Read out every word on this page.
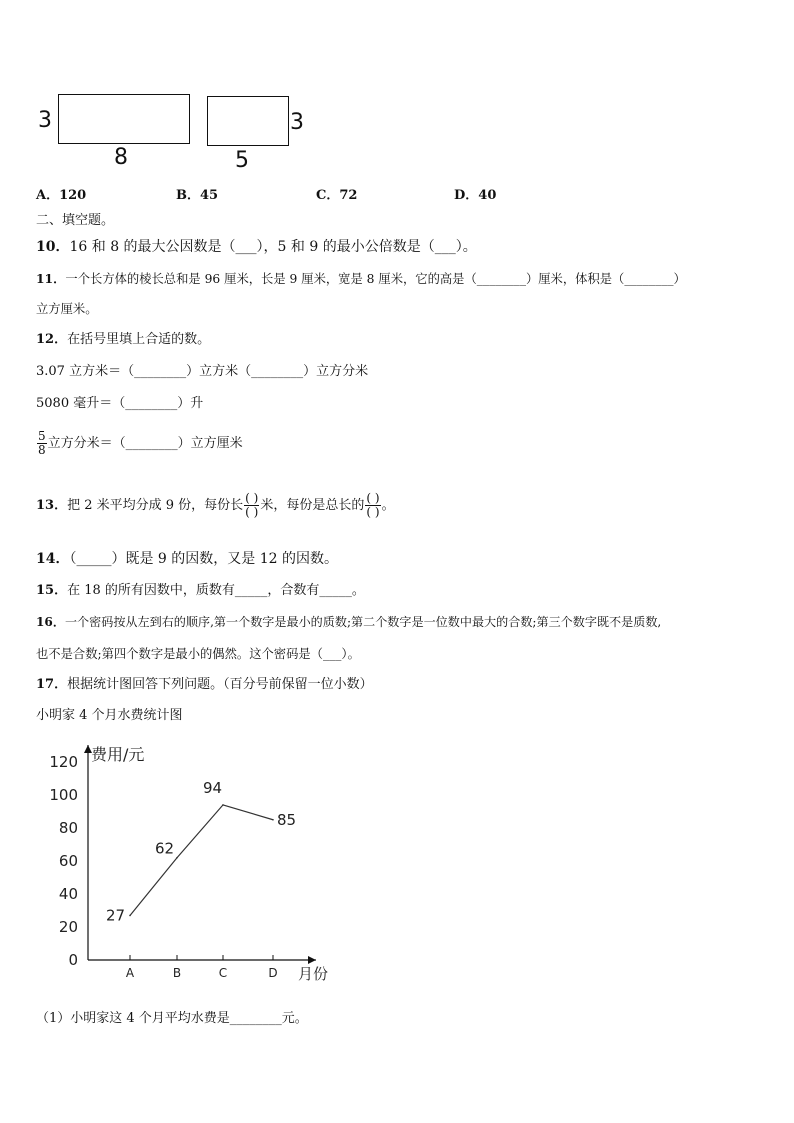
3
8
3
5
A．120	B．45	C．72	D．40
二、填空题。
10．16 和 8 的最大公因数是（___），5 和 9 的最小公倍数是（___）。
11．一个长方体的棱长总和是 96 厘米，长是 9 厘米，宽是 8 厘米，它的高是（________）厘米，体积是（________）
立方厘米。
12．在括号里填上合适的数。
3.07 立方米＝（________）立方米（________）立方分米
5080 毫升＝（________）升
$\frac{5}{8}$ 立方分米＝（________）立方厘米
13．把 2 米平均分成 9 份，每份长 $\frac{( )}{( )}$ 米，每份是总长的 $\frac{( )}{( )}$ 。
14．（_____）既是 9 的因数，又是 12 的因数。
15．在 18 的所有因数中，质数有_____，合数有_____。
16．一个密码按从左到右的顺序,第一个数字是最小的质数;第二个数字是一位数中最大的合数;第三个数字既不是质数,
也不是合数;第四个数字是最小的偶然。这个密码是（___）。
17．根据统计图回答下列问题。（百分号前保留一位小数）
小明家 4 个月水费统计图
0
20
40
60
80
100
120
A	B	C	D
费用/元
月份
27
62
94
85
（1）小明家这 4 个月平均水费是________元。
